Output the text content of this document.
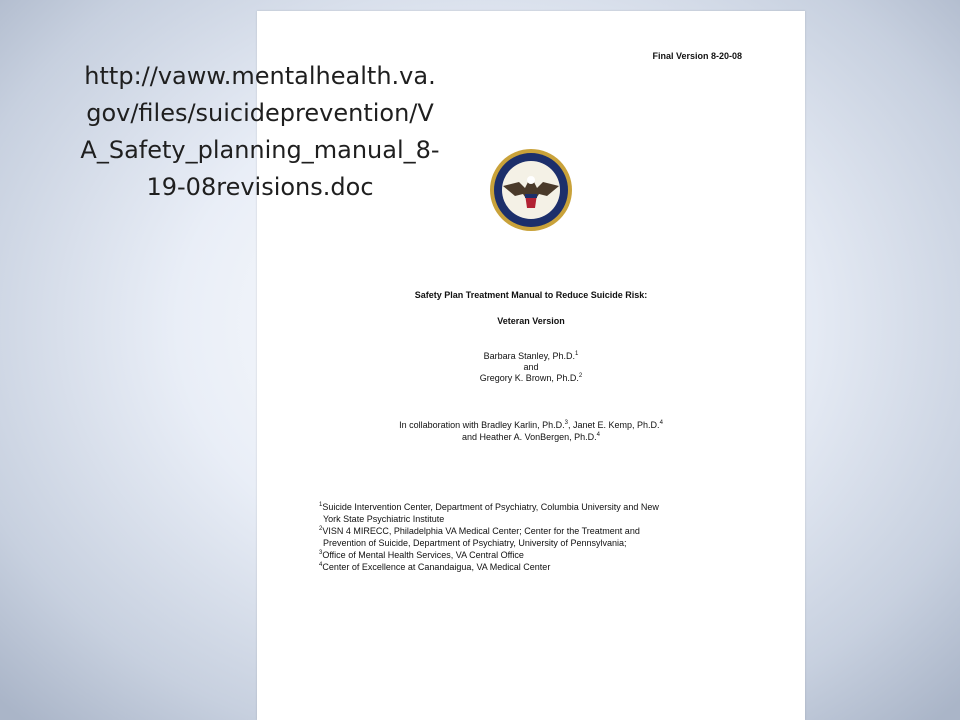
Final Version 8-20-08
Safety Plan Treatment Manual to Reduce Suicide Risk:
Veteran Version
Barbara Stanley, Ph.D.$^1$
and
Gregory K. Brown, Ph.D.$^2$
In collaboration with Bradley Karlin, Ph.D.$^3$, Janet E. Kemp, Ph.D.$^4$
and Heather A. VonBergen, Ph.D.$^4$
$^1$Suicide Intervention Center, Department of Psychiatry, Columbia University and New
York State Psychiatric Institute
$^2$VISN 4 MIRECC, Philadelphia VA Medical Center; Center for the Treatment and
Prevention of Suicide, Department of Psychiatry, University of Pennsylvania;
$^3$Office of Mental Health Services, VA Central Office
$^4$Center of Excellence at Canandaigua, VA Medical Center
http://vaww.mentalhealth.va.
gov/files/suicideprevention/V
A_Safety_planning_manual_8-
19-08revisions.doc
